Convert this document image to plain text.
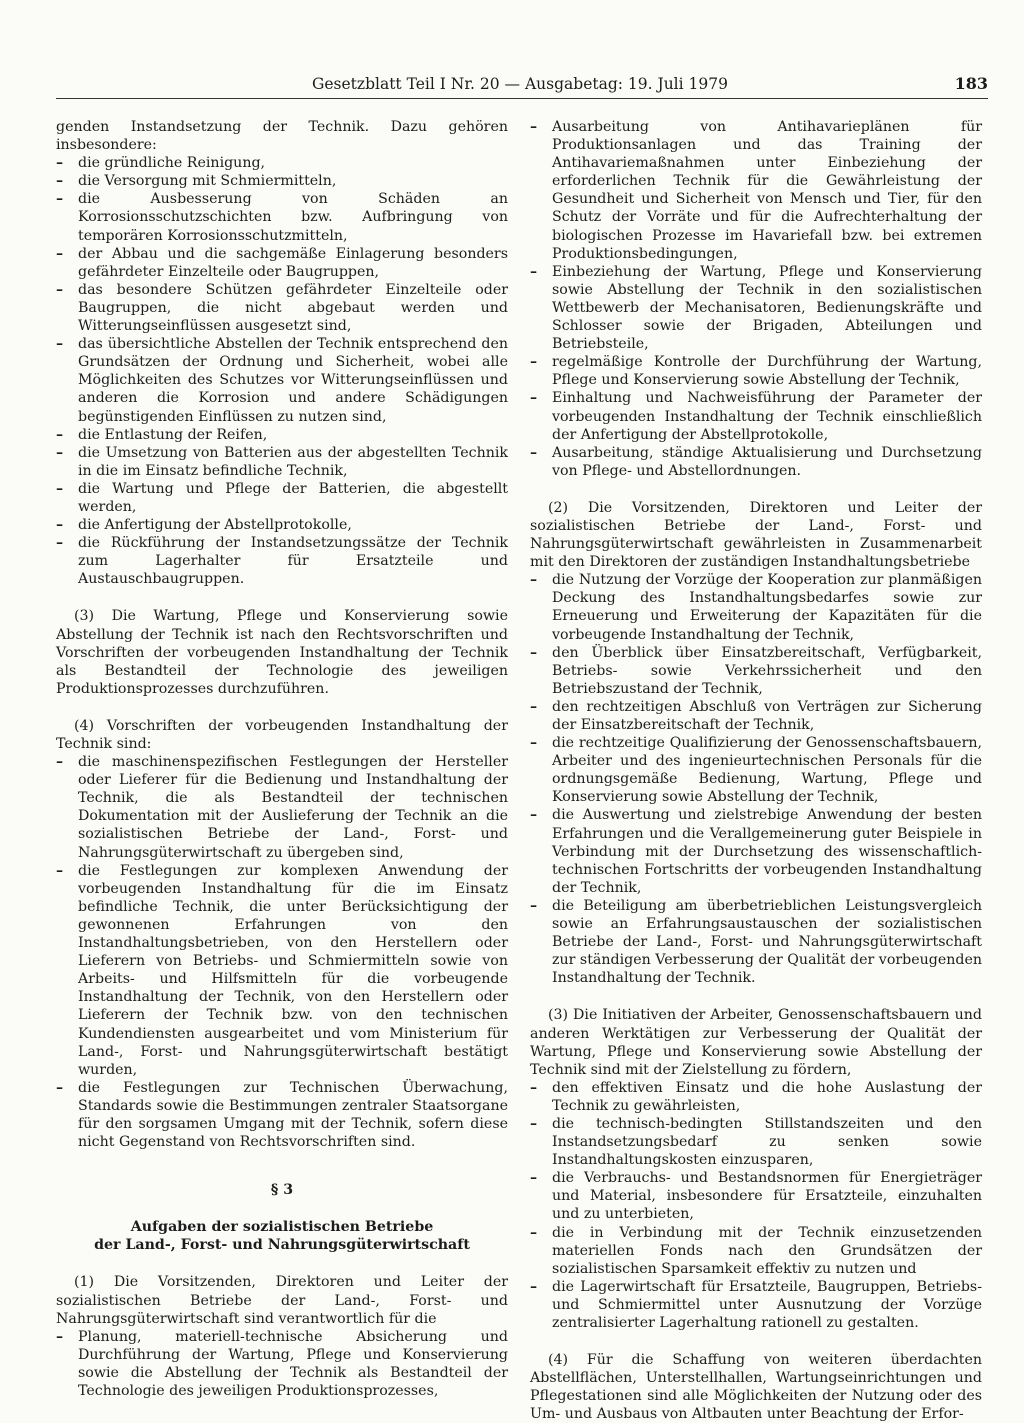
Gesetzblatt Teil I Nr. 20 — Ausgabetag: 19. Juli 1979	183

genden Instandsetzung der Technik. Dazu gehören insbesondere:

– die gründliche Reinigung,
– die Versorgung mit Schmiermitteln,
– die Ausbesserung von Schäden an Korrosionsschutzschichten bzw. Aufbringung von temporären Korrosionsschutzmitteln,
– der Abbau und die sachgemäße Einlagerung besonders gefährdeter Einzelteile oder Baugruppen,
– das besondere Schützen gefährdeter Einzelteile oder Baugruppen, die nicht abgebaut werden und Witterungseinflüssen ausgesetzt sind,
– das übersichtliche Abstellen der Technik entsprechend den Grundsätzen der Ordnung und Sicherheit, wobei alle Möglichkeiten des Schutzes vor Witterungseinflüssen und anderen die Korrosion und andere Schädigungen begünstigenden Einflüssen zu nutzen sind,
– die Entlastung der Reifen,
– die Umsetzung von Batterien aus der abgestellten Technik in die im Einsatz befindliche Technik,
– die Wartung und Pflege der Batterien, die abgestellt werden,
– die Anfertigung der Abstellprotokolle,
– die Rückführung der Instandsetzungssätze der Technik zum Lagerhalter für Ersatzteile und Austauschbaugruppen.

(3) Die Wartung, Pflege und Konservierung sowie Abstellung der Technik ist nach den Rechtsvorschriften und Vorschriften der vorbeugenden Instandhaltung der Technik als Bestandteil der Technologie des jeweiligen Produktionsprozesses durchzuführen.

(4) Vorschriften der vorbeugenden Instandhaltung der Technik sind:

– die maschinenspezifischen Festlegungen der Hersteller oder Lieferer für die Bedienung und Instandhaltung der Technik, die als Bestandteil der technischen Dokumentation mit der Auslieferung der Technik an die sozialistischen Betriebe der Land-, Forst- und Nahrungsgüterwirtschaft zu übergeben sind,
– die Festlegungen zur komplexen Anwendung der vorbeugenden Instandhaltung für die im Einsatz befindliche Technik, die unter Berücksichtigung der gewonnenen Erfahrungen von den Instandhaltungsbetrieben, von den Herstellern oder Lieferern von Betriebs- und Schmiermitteln sowie von Arbeits- und Hilfsmitteln für die vorbeugende Instandhaltung der Technik, von den Herstellern oder Lieferern der Technik bzw. von den technischen Kundendiensten ausgearbeitet und vom Ministerium für Land-, Forst- und Nahrungsgüterwirtschaft bestätigt wurden,
– die Festlegungen zur Technischen Überwachung, Standards sowie die Bestimmungen zentraler Staatsorgane für den sorgsamen Umgang mit der Technik, sofern diese nicht Gegenstand von Rechtsvorschriften sind.

§ 3

Aufgaben der sozialistischen Betriebe

der Land-, Forst- und Nahrungsgüterwirtschaft

(1) Die Vorsitzenden, Direktoren und Leiter der sozialistischen Betriebe der Land-, Forst- und Nahrungsgüterwirtschaft sind verantwortlich für die

– Planung, materiell-technische Absicherung und Durchführung der Wartung, Pflege und Konservierung sowie die Abstellung der Technik als Bestandteil der Technologie des jeweiligen Produktionsprozesses,
– Ausarbeitung von Antihavarieplänen für Produktionsanlagen und das Training der Antihavariemaßnahmen unter Einbeziehung der erforderlichen Technik für die Gewährleistung der Gesundheit und Sicherheit von Mensch und Tier, für den Schutz der Vorräte und für die Aufrechterhaltung der biologischen Prozesse im Havariefall bzw. bei extremen Produktionsbedingungen,
– Einbeziehung der Wartung, Pflege und Konservierung sowie Abstellung der Technik in den sozialistischen Wettbewerb der Mechanisatoren, Bedienungskräfte und Schlosser sowie der Brigaden, Abteilungen und Betriebsteile,
– regelmäßige Kontrolle der Durchführung der Wartung, Pflege und Konservierung sowie Abstellung der Technik,
– Einhaltung und Nachweisführung der Parameter der vorbeugenden Instandhaltung der Technik einschließlich der Anfertigung der Abstellprotokolle,
– Ausarbeitung, ständige Aktualisierung und Durchsetzung von Pflege- und Abstellordnungen.

(2) Die Vorsitzenden, Direktoren und Leiter der sozialistischen Betriebe der Land-, Forst- und Nahrungsgüterwirtschaft gewährleisten in Zusammenarbeit mit den Direktoren der zuständigen Instandhaltungsbetriebe

– die Nutzung der Vorzüge der Kooperation zur planmäßigen Deckung des Instandhaltungsbedarfes sowie zur Erneuerung und Erweiterung der Kapazitäten für die vorbeugende Instandhaltung der Technik,
– den Überblick über Einsatzbereitschaft, Verfügbarkeit, Betriebs- sowie Verkehrssicherheit und den Betriebszustand der Technik,
– den rechtzeitigen Abschluß von Verträgen zur Sicherung der Einsatzbereitschaft der Technik,
– die rechtzeitige Qualifizierung der Genossenschaftsbauern, Arbeiter und des ingenieurtechnischen Personals für die ordnungsgemäße Bedienung, Wartung, Pflege und Konservierung sowie Abstellung der Technik,
– die Auswertung und zielstrebige Anwendung der besten Erfahrungen und die Verallgemeinerung guter Beispiele in Verbindung mit der Durchsetzung des wissenschaftlich-technischen Fortschritts der vorbeugenden Instandhaltung der Technik,
– die Beteiligung am überbetrieblichen Leistungsvergleich sowie an Erfahrungsaustauschen der sozialistischen Betriebe der Land-, Forst- und Nahrungsgüterwirtschaft zur ständigen Verbesserung der Qualität der vorbeugenden Instandhaltung der Technik.

(3) Die Initiativen der Arbeiter, Genossenschaftsbauern und anderen Werktätigen zur Verbesserung der Qualität der Wartung, Pflege und Konservierung sowie Abstellung der Technik sind mit der Zielstellung zu fördern,

– den effektiven Einsatz und die hohe Auslastung der Technik zu gewährleisten,
– die technisch-bedingten Stillstandszeiten und den Instandsetzungsbedarf zu senken sowie Instandhaltungskosten einzusparen,
– die Verbrauchs- und Bestandsnormen für Energieträger und Material, insbesondere für Ersatzteile, einzuhalten und zu unterbieten,
– die in Verbindung mit der Technik einzusetzenden materiellen Fonds nach den Grundsätzen der sozialistischen Sparsamkeit effektiv zu nutzen und
– die Lagerwirtschaft für Ersatzteile, Baugruppen, Betriebs- und Schmiermittel unter Ausnutzung der Vorzüge zentralisierter Lagerhaltung rationell zu gestalten.

(4) Für die Schaffung von weiteren überdachten Abstellflächen, Unterstellhallen, Wartungseinrichtungen und Pflegestationen sind alle Möglichkeiten der Nutzung oder des Um- und Ausbaus von Altbauten unter Beachtung der Erfor-
